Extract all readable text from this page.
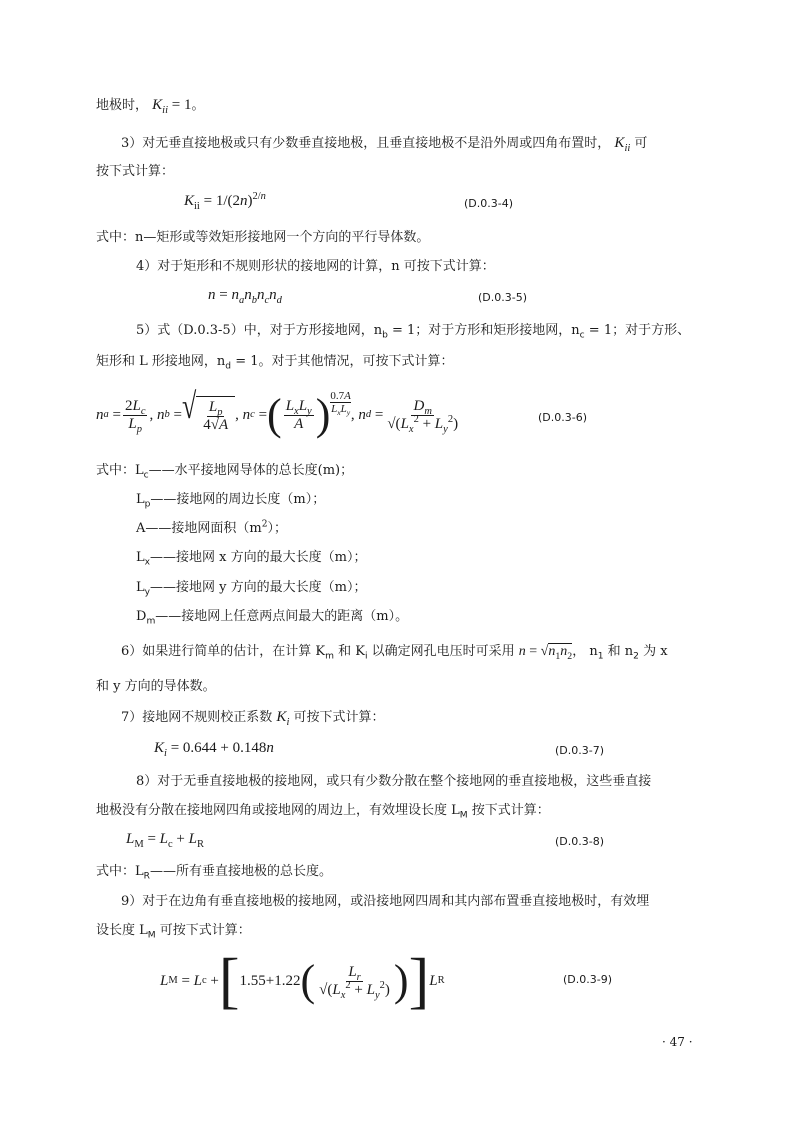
地极时， $K_{ii} = 1$。
3）对无垂直接地极或只有少数垂直接地极，且垂直接地极不是沿外周或四角布置时， $K_{ii}$ 可
按下式计算：
$K_{ii} = 1/(2n)^{2/n}$
(D.0.3-4)
式中：n—矩形或等效矩形接地网一个方向的平行导体数。
4）对于矩形和不规则形状的接地网的计算，n 可按下式计算：
$n = n_an_bn_cn_d$	(D.0.3-5)
5）式（D.0.3-5）中，对于方形接地网，$n_b = 1$；对于方形和矩形接地网，$n_c = 1$；对于方形、
矩形和 L 形接地网，$n_d = 1$。对于其他情况，可按下式计算：
n $a = \frac{2L_c}{L_p}$ , n b = √ $\frac{L_p}{4√A}$ , n c = ( $\frac{L_xL_y}{A}$ ) 0.7A
$L_xL_y$ , n $d = \frac{D_m}{√(L_x^2 + L_y^2)}$	(D.0.3-6)
式中：$L_c——$水平接地网导体的总长度(m)；
$L_p——$接地网的周边长度（m）；
A——接地网面积$(m^2)$；
$L_x——$接地网 x 方向的最大长度（m）；
$L_y——$接地网 y 方向的最大长度（m）；
$D_m——$接地网上任意两点间最大的距离（m）。
6）如果进行简单的估计，在计算 $K_m$ 和 $K_i$ 以确定网孔电压时可采用 $n = √n_1n_2$， $n_1$ 和 $n_2$ 为 x
和 y 方向的导体数。
7）接地网不规则校正系数 $K_i$ 可按下式计算：
$K_i = 0.644 + 0.148n$	(D.0.3-7)
8）对于无垂直接地极的接地网，或只有少数分散在整个接地网的垂直接地极，这些垂直接
地极没有分散在接地网四角或接地网的周边上，有效埋设长度 $L_M$ 按下式计算：
$L_M = L_c + L_R$	(D.0.3-8)
式中：$L_R——$所有垂直接地极的总长度。
9）对于在边角有垂直接地极的接地网，或沿接地网四周和其内部布置垂直接地极时，有效埋
设长度 $L_M$ 可按下式计算：
L M = L c + [ 1.55+1.22 ( $\frac{L_r}{√(L_x^2 + L_y^2)}$ ) ] L R	(D.0.3-9)
· 47 ·
